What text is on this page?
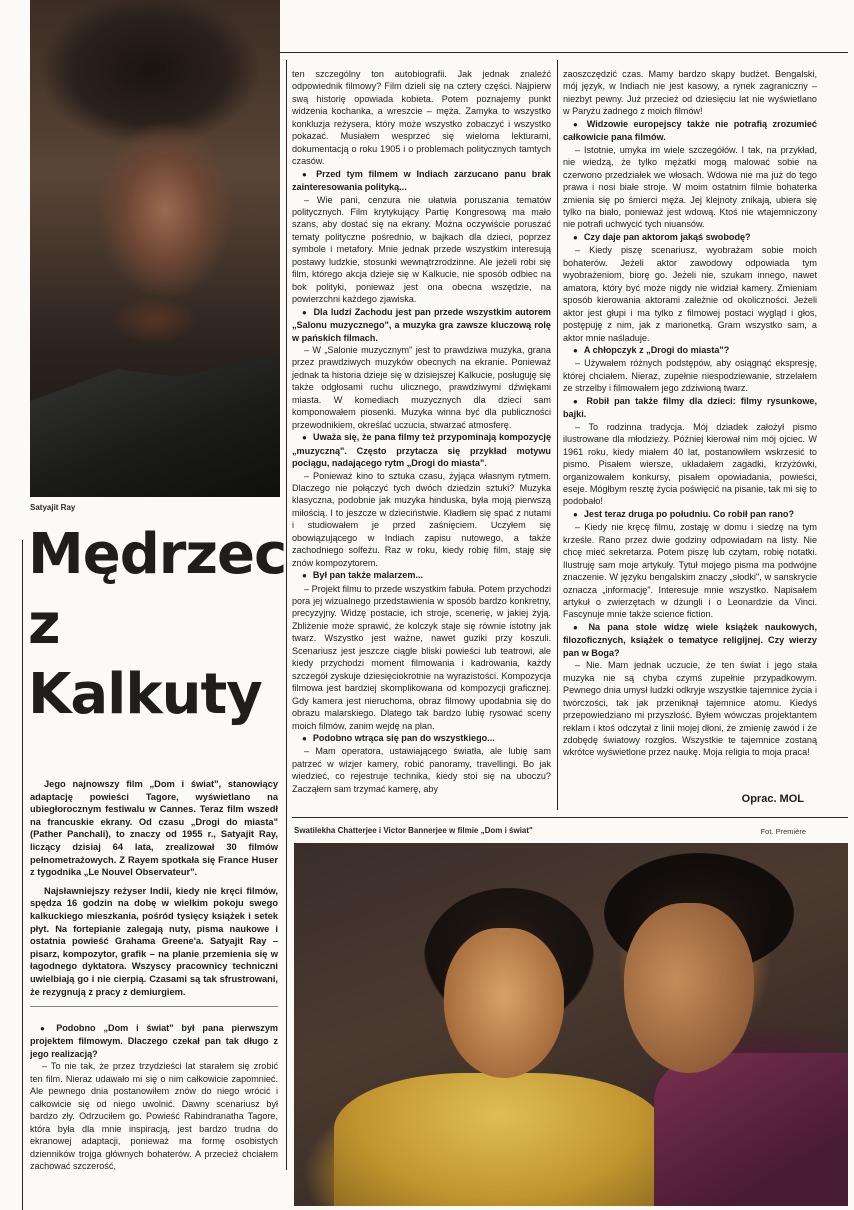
Satyajit Ray
Mędrzec
z
Kalkuty

Jego najnowszy film „Dom i świat", stanowiący adaptację powieści Tagore, wyświetlano na ubiegłorocznym festiwalu w Cannes. Teraz film wszedł na francuskie ekrany. Od czasu „Drogi do miasta" (Pather Panchali), to znaczy od 1955 r., Satyajit Ray, liczący dzisiaj 64 lata, zrealizował 30 filmów pełnometrażowych. Z Rayem spotkała się France Huser z tygodnika „Le Nouvel Observateur".

Najsławniejszy reżyser Indii, kiedy nie kręci filmów, spędza 16 godzin na dobę w wielkim pokoju swego kalkuckiego mieszkania, pośród tysięcy książek i setek płyt. Na fortepianie zalegają nuty, pisma naukowe i ostatnia powieść Grahama Greene'a. Satyajit Ray – pisarz, kompozytor, grafik – na planie przemienia się w łagodnego dyktatora. Wszyscy pracownicy techniczni uwielbiają go i nie cierpią. Czasami są tak sfrustrowani, że rezygnują z pracy z demiurgiem.

● Podobno „Dom i świat" był pana pierwszym projektem filmowym. Dlaczego czekał pan tak długo z jego realizacją?

– To nie tak, że przez trzydzieści lat starałem się zrobić ten film. Nieraz udawało mi się o nim całkowicie zapomnieć. Ale pewnego dnia postanowiłem znów do niego wrócić i całkowicie się od niego uwolnić. Dawny scenariusz był bardzo zły. Odrzuciłem go. Powieść Rabindranatha Tagore, która była dla mnie inspiracją, jest bardzo trudna do ekranowej adaptacji, ponieważ ma formę osobistych dzienników trojga głównych bohaterów. A przecież chciałem zachować szczerość,

ten szczególny ton autobiografii. Jak jednak znaleźć odpowiednik filmowy? Film dzieli się na cztery części. Najpierw swą historię opowiada kobieta. Potem poznajemy punkt widzenia kochanka, a wreszcie – męża. Zamyka to wszystko konkluzja reżysera, który może wszystko zobaczyć i wszystko pokazać. Musiałem wesprzeć się wieloma lekturami, dokumentacją o roku 1905 i o problemach politycznych tamtych czasów.

● Przed tym filmem w Indiach zarzucano panu brak zainteresowania polityką...

– Wie pani, cenzura nie ułatwia poruszania tematów politycznych. Film krytykujący Partię Kongresową ma mało szans, aby dostać się na ekrany. Można oczywiście poruszać tematy polityczne pośrednio, w bajkach dla dzieci, poprzez symbole i metafory. Mnie jednak przede wszystkim interesują postawy ludzkie, stosunki wewnątrzrodzinne. Ale jeżeli robi się film, którego akcja dzieje się w Kalkucie, nie sposób odbiec na bok polityki, ponieważ jest ona obecna wszędzie, na powierzchni każdego zjawiska.

● Dla ludzi Zachodu jest pan przede wszystkim autorem „Salonu muzycznego", a muzyka gra zawsze kluczową rolę w pańskich filmach.

– W „Salonie muzycznym" jest to prawdziwa muzyka, grana przez prawdziwych muzyków obecnych na ekranie. Ponieważ jednak ta historia dzieje się w dzisiejszej Kalkucie, posługuję się także odgłosami ruchu ulicznego, prawdziwymi dźwiękami miasta. W komediach muzycznych dla dzieci sam komponowałem piosenki. Muzyka winna być dla publiczności przewodnikiem, określać uczucia, stwarzać atmosferę.

● Uważa się, że pana filmy też przypominają kompozycję „muzyczną". Często przytacza się przykład motywu pociągu, nadającego rytm „Drogi do miasta".

– Ponieważ kino to sztuka czasu, żyjąca własnym rytmem. Dlaczego nie połączyć tych dwóch dziedzin sztuki? Muzyka klasyczna, podobnie jak muzyka hinduska, była moją pierwszą miłością. I to jeszcze w dzieciństwie. Kładłem się spać z nutami i studiowałem je przed zaśnięciem. Uczyłem się obowiązującego w Indiach zapisu nutowego, a także zachodniego solfeżu. Raz w roku, kiedy robię film, staję się znów kompozytorem.

● Był pan także malarzem...

– Projekt filmu to przede wszystkim fabuła. Potem przychodzi pora jej wizualnego przedstawienia w sposób bardzo konkretny, precyzyjny. Widzę postacie, ich stroje, scenerię, w jakiej żyją. Zbliżenie może sprawić, że kolczyk staje się równie istotny jak twarz. Wszystko jest ważne, nawet guziki przy koszuli. Scenariusz jest jeszcze ciągle bliski powieści lub teatrowi, ale kiedy przychodzi moment filmowania i kadrowania, każdy szczegół zyskuje dziesięciokrotnie na wyrazistości. Kompozycja filmowa jest bardziej skomplikowana od kompozycji graficznej. Gdy kamera jest nieruchoma, obraz filmowy upodabnia się do obrazu malarskiego. Dlatego tak bardzo lubię rysować sceny moich filmów, zanim wejdę na plan.

● Podobno wtrąca się pan do wszystkiego...

– Mam operatora, ustawiającego światła, ale lubię sam patrzeć w wizjer kamery, robić panoramy, travellingi. Bo jak wiedzieć, co rejestruje technika, kiedy stoi się na uboczu? Zacząłem sam trzymać kamerę, aby

zaoszczędzić czas. Mamy bardzo skąpy budżet. Bengalski, mój język, w Indiach nie jest kasowy, a rynek zagraniczny – niezbyt pewny. Już przecież od dziesięciu lat nie wyświetlano w Paryżu żadnego z moich filmów!

● Widzowie europejscy także nie potrafią zrozumieć całkowicie pana filmów.

– Istotnie, umyka im wiele szczegółów. I tak, na przykład, nie wiedzą, że tylko mężatki mogą malować sobie na czerwono przedziałek we włosach. Wdowa nie ma już do tego prawa i nosi białe stroje. W moim ostatnim filmie bohaterka zmienia się po śmierci męża. Jej klejnoty znikają, ubiera się tylko na biało, ponieważ jest wdową. Ktoś nie wtajemniczony nie potrafi uchwycić tych niuansów.

● Czy daje pan aktorom jakąś swobodę?

– Kiedy piszę scenariusz, wyobrażam sobie moich bohaterów. Jeżeli aktor zawodowy odpowiada tym wyobrażeniom, biorę go. Jeżeli nie, szukam innego, nawet amatora, który być może nigdy nie widział kamery. Zmieniam sposób kierowania aktorami zależnie od okoliczności. Jeżeli aktor jest głupi i ma tylko z filmowej postaci wygląd i głos, postępuję z nim, jak z marionetką. Gram wszystko sam, a aktor mnie naśladuje.

● A chłopczyk z „Drogi do miasta"?

– Używałem różnych podstępów, aby osiągnąć ekspresję, której chciałem. Nieraz, zupełnie niespodziewanie, strzelałem ze strzelby i filmowałem jego zdziwioną twarz.

● Robił pan także filmy dla dzieci: filmy rysunkowe, bajki.

– To rodzinna tradycja. Mój dziadek założył pismo ilustrowane dla młodzieży. Później kierował nim mój ojciec. W 1961 roku, kiedy miałem 40 lat, postanowiłem wskrzesić to pismo. Pisałem wiersze, układałem zagadki, krzyżówki, organizowałem konkursy, pisałem opowiadania, powieści, eseje. Mógłbym resztę życia poświęcić na pisanie, tak mi się to podobało!

● Jest teraz druga po południu. Co robił pan rano?

– Kiedy nie kręcę filmu, zostaję w domu i siedzę na tym krześle. Rano przez dwie godziny odpowiadam na listy. Nie chcę mieć sekretarza. Potem piszę lub czytam, robię notatki. Ilustruję sam moje artykuły. Tytuł mojego pisma ma podwójne znaczenie. W języku bengalskim znaczy „słodki", w sanskrycie oznacza „informację". Interesuje mnie wszystko. Napisałem artykuł o zwierzętach w dżungli i o Leonardzie da Vinci. Fascynuje mnie także science fiction.

● Na pana stole widzę wiele książek naukowych, filozoficznych, książek o tematyce religijnej. Czy wierzy pan w Boga?

– Nie. Mam jednak uczucie, że ten świat i jego stała muzyka nie są chyba czymś zupełnie przypadkowym. Pewnego dnia umysł ludzki odkryje wszystkie tajemnice życia i twórczości, tak jak przeniknął tajemnice atomu. Kiedyś przepowiedziano mi przyszłość. Byłem wówczas projektantem reklam i ktoś odczytał z linii mojej dłoni, że zmienię zawód i że zdobędę światowy rozgłos. Wszystkie te tajemnice zostaną wkrótce wyświetlone przez naukę. Moja religia to moja praca!

Oprac. MOL
Swatilekha Chatterjee i Victor Bannerjee w filmie „Dom i świat"	Fot. Première
